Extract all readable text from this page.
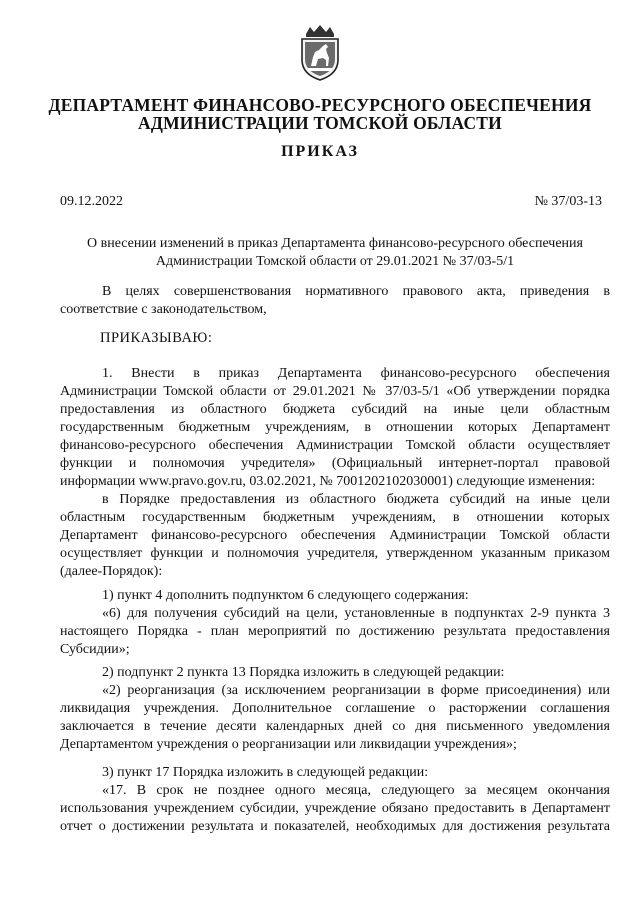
ДЕПАРТАМЕНТ ФИНАНСОВО-РЕСУРСНОГО ОБЕСПЕЧЕНИЯ
АДМИНИСТРАЦИИ ТОМСКОЙ ОБЛАСТИ
ПРИКАЗ
09.12.2022	№ 37/03-13
О внесении изменений в приказ Департамента финансово-ресурсного обеспечения
Администрации Томской области от 29.01.2021 № 37/03-5/1
В целях совершенствования нормативного правового акта, приведения в
соответствие с законодательством,
ПРИКАЗЫВАЮ:
1. Внести в приказ Департамента финансово-ресурсного обеспечения
Администрации Томской области от 29.01.2021 № 37/03-5/1 «Об утверждении порядка
предоставления из областного бюджета субсидий на иные цели областным
государственным бюджетным учреждениям, в отношении которых Департамент
финансово-ресурсного обеспечения Администрации Томской области осуществляет
функции и полномочия учредителя» (Официальный интернет-портал правовой
информации www.pravo.gov.ru, 03.02.2021, № 7001202102030001) следующие изменения:
в Порядке предоставления из областного бюджета субсидий на иные цели
областным государственным бюджетным учреждениям, в отношении которых
Департамент финансово-ресурсного обеспечения Администрации Томской области
осуществляет функции и полномочия учредителя, утвержденном указанным приказом
(далее-Порядок):
1) пункт 4 дополнить подпунктом 6 следующего содержания:
«6) для получения субсидий на цели, установленные в подпунктах 2-9 пункта 3
настоящего Порядка - план мероприятий по достижению результата предоставления
Субсидии»;
2) подпункт 2 пункта 13 Порядка изложить в следующей редакции:
«2) реорганизация (за исключением реорганизации в форме присоединения) или
ликвидация учреждения. Дополнительное соглашение о расторжении соглашения
заключается в течение десяти календарных дней со дня письменного уведомления
Департаментом учреждения о реорганизации или ликвидации учреждения»;
3) пункт 17 Порядка изложить в следующей редакции:
«17. В срок не позднее одного месяца, следующего за месяцем окончания
использования учреждением субсидии, учреждение обязано предоставить в Департамент
отчет о достижении результата и показателей, необходимых для достижения результата
